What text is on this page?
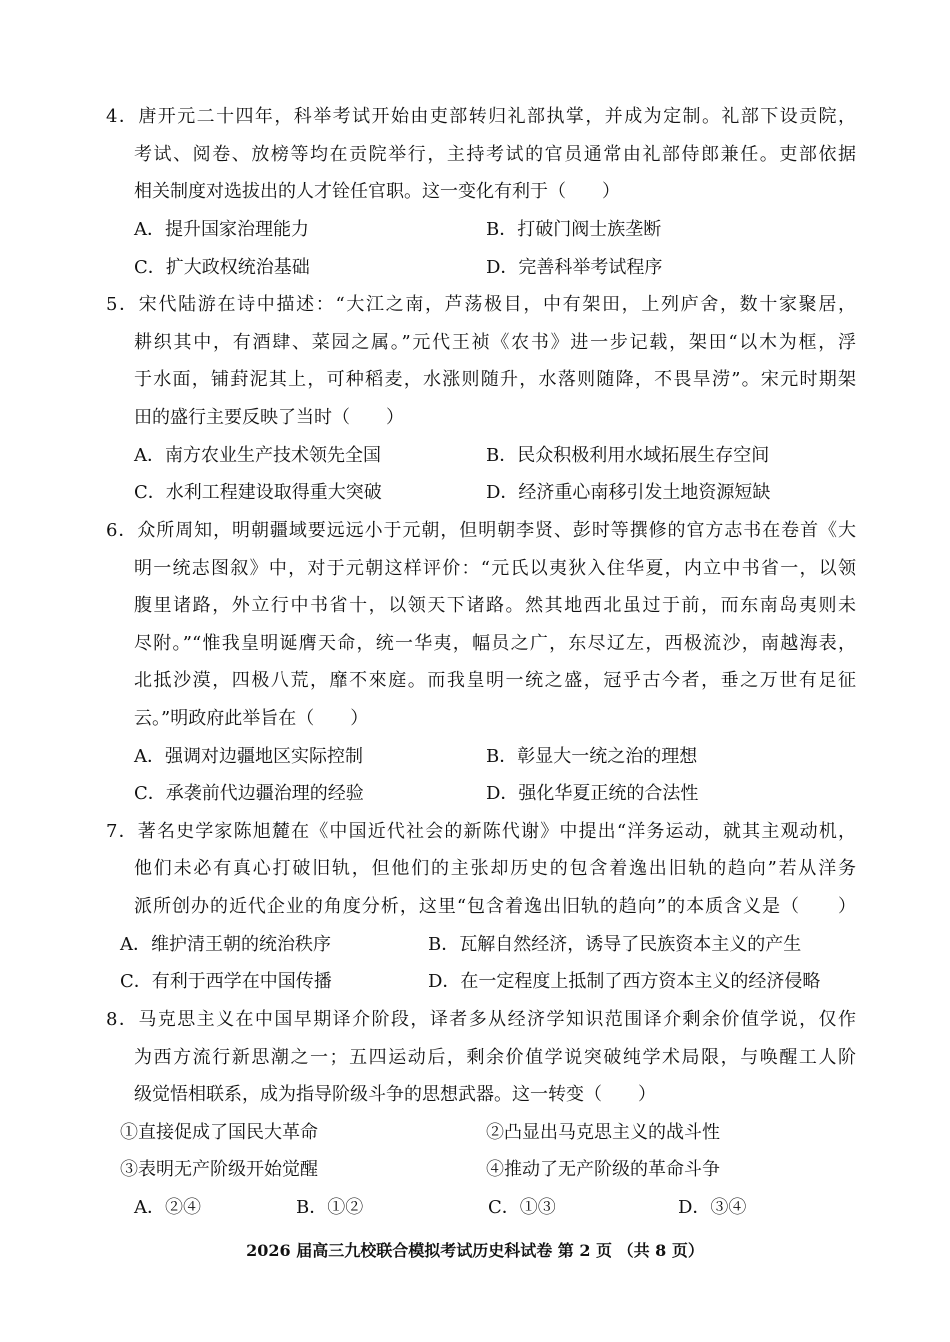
4．唐开元二十四年，科举考试开始由吏部转归礼部执掌，并成为定制。礼部下设贡院，
考试、阅卷、放榜等均在贡院举行，主持考试的官员通常由礼部侍郎兼任。吏部依据
相关制度对选拔出的人才铨任官职。这一变化有利于（　　）
A．提升国家治理能力	B．打破门阀士族垄断
C．扩大政权统治基础	D．完善科举考试程序
5．宋代陆游在诗中描述：“大江之南，芦荡极目，中有架田，上列庐舍，数十家聚居，
耕织其中，有酒肆、菜园之属。”元代王祯《农书》进一步记载，架田“以木为框，浮
于水面，铺葑泥其上，可种稻麦，水涨则随升，水落则随降，不畏旱涝”。宋元时期架
田的盛行主要反映了当时（　　）
A．南方农业生产技术领先全国	B．民众积极利用水域拓展生存空间
C．水利工程建设取得重大突破	D．经济重心南移引发土地资源短缺
6．众所周知，明朝疆域要远远小于元朝，但明朝李贤、彭时等撰修的官方志书在卷首《大
明一统志图叙》中，对于元朝这样评价：“元氏以夷狄入住华夏，内立中书省一，以领
腹里诸路，外立行中书省十，以领天下诸路。然其地西北虽过于前，而东南岛夷则未
尽附。”“惟我皇明诞膺天命，统一华夷，幅员之广，东尽辽左，西极流沙，南越海表，
北抵沙漠，四极八荒，靡不來庭。而我皇明一统之盛，冠乎古今者，垂之万世有足征
云。”明政府此举旨在（　　）
A．强调对边疆地区实际控制	B．彰显大一统之治的理想
C．承袭前代边疆治理的经验	D．强化华夏正统的合法性
7．著名史学家陈旭麓在《中国近代社会的新陈代谢》中提出“洋务运动，就其主观动机，
他们未必有真心打破旧轨，但他们的主张却历史的包含着逸出旧轨的趋向”若从洋务
派所创办的近代企业的角度分析，这里“包含着逸出旧轨的趋向”的本质含义是（　　）
A．维护清王朝的统治秩序	B．瓦解自然经济，诱导了民族资本主义的产生
C．有利于西学在中国传播	D．在一定程度上抵制了西方资本主义的经济侵略
8．马克思主义在中国早期译介阶段，译者多从经济学知识范围译介剩余价值学说，仅作
为西方流行新思潮之一；五四运动后，剩余价值学说突破纯学术局限，与唤醒工人阶
级觉悟相联系，成为指导阶级斗争的思想武器。这一转变（　　）
①直接促成了国民大革命	②凸显出马克思主义的战斗性
③表明无产阶级开始觉醒	④推动了无产阶级的革命斗争
A．②④	B．①②	C．①③	D．③④
2026 届高三九校联合模拟考试历史科试卷 第 2 页 （共 8 页）
